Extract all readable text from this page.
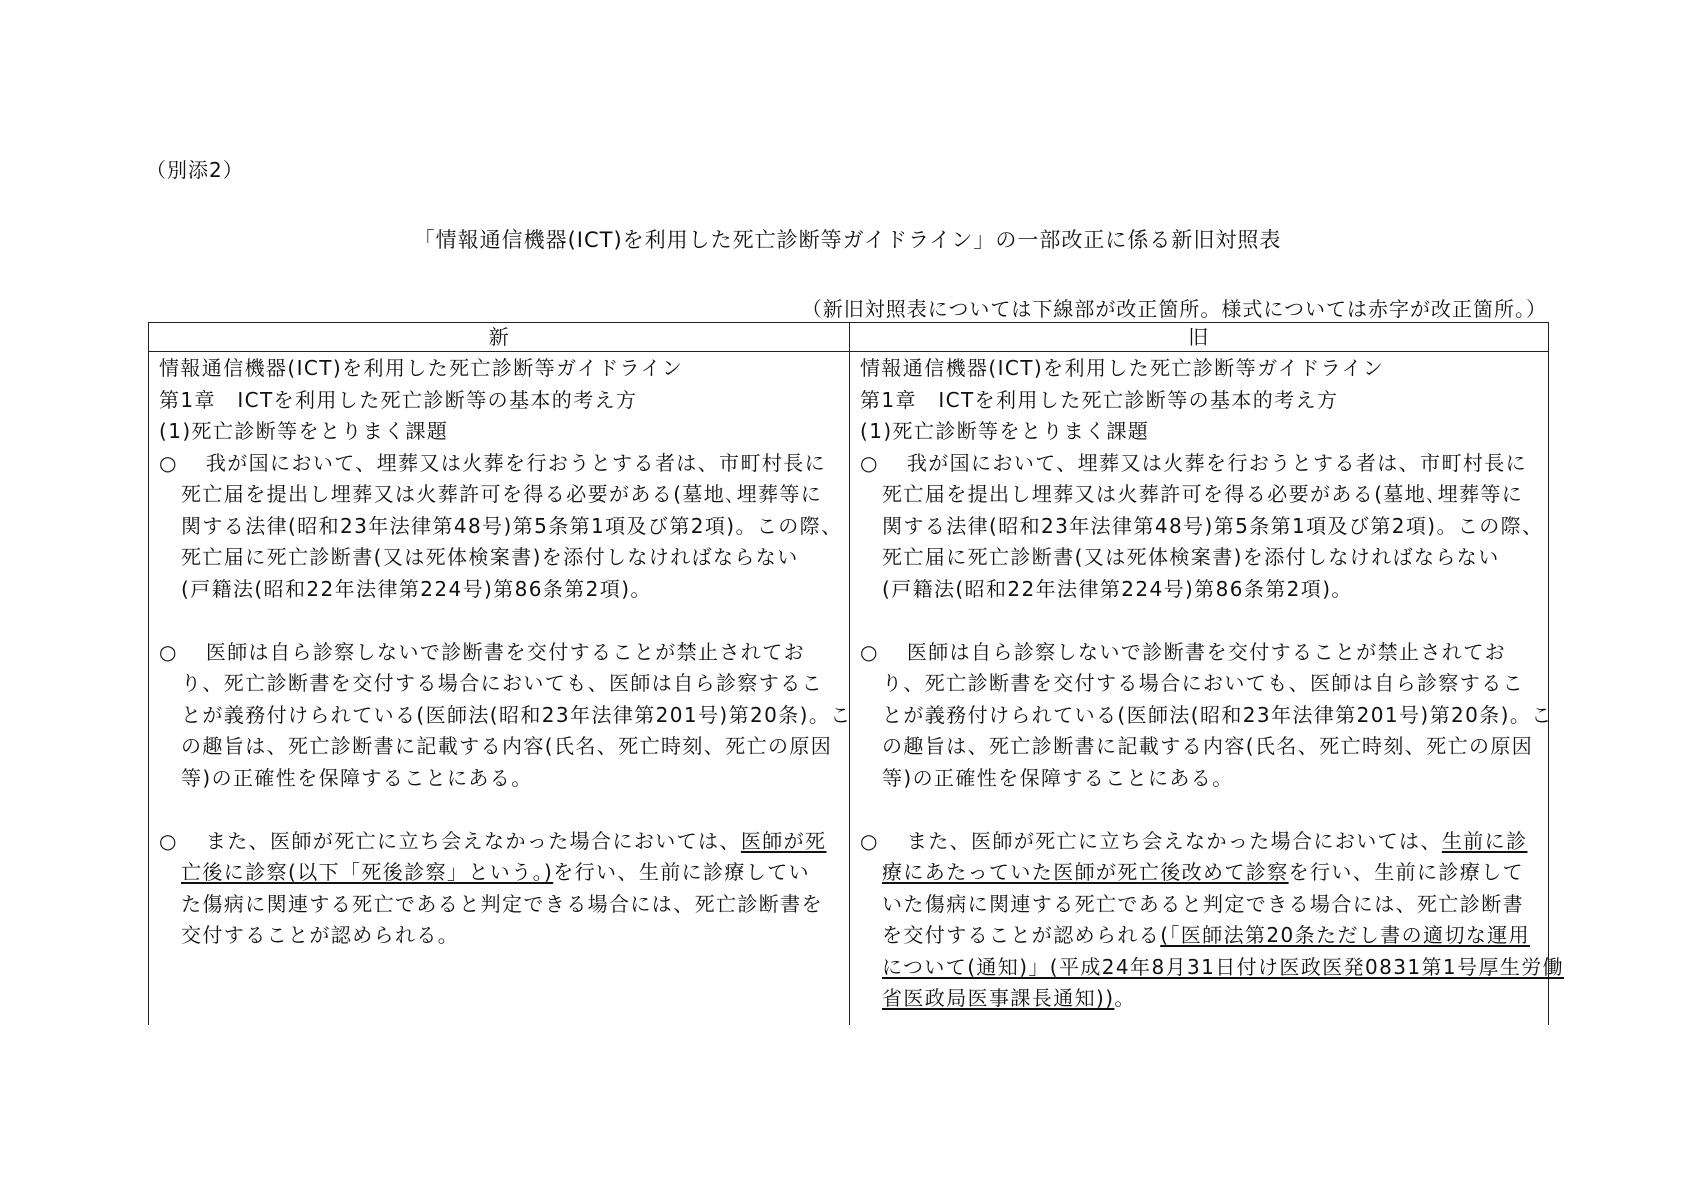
（別添2）
「情報通信機器(ICT)を利用した死亡診断等ガイドライン」の一部改正に係る新旧対照表
（新旧対照表については下線部が改正箇所。様式については赤字が改正箇所。）
新	旧
情報通信機器(ICT)を利用した死亡診断等ガイドライン
第1章　ICTを利用した死亡診断等の基本的考え方
(1)死亡診断等をとりまく課題
○ 我が国において、埋葬又は火葬を行おうとする者は、市町村長に
死亡届を提出し埋葬又は火葬許可を得る必要がある(墓地､埋葬等に
関する法律(昭和23年法律第48号)第5条第1項及び第2項)。この際、
死亡届に死亡診断書(又は死体検案書)を添付しなければならない
(戸籍法(昭和22年法律第224号)第86条第2項)。
○ 医師は自ら診察しないで診断書を交付することが禁止されてお
り、死亡診断書を交付する場合においても、医師は自ら診察するこ
とが義務付けられている(医師法(昭和23年法律第201号)第20条)。こ
の趣旨は、死亡診断書に記載する内容(氏名、死亡時刻、死亡の原因
等)の正確性を保障することにある。
○ また、医師が死亡に立ち会えなかった場合においては、医師が死
亡後に診察(以下「死後診察」という。)を行い、生前に診療してい
た傷病に関連する死亡であると判定できる場合には、死亡診断書を
交付することが認められる。
情報通信機器(ICT)を利用した死亡診断等ガイドライン
第1章　ICTを利用した死亡診断等の基本的考え方
(1)死亡診断等をとりまく課題
○ 我が国において、埋葬又は火葬を行おうとする者は、市町村長に
死亡届を提出し埋葬又は火葬許可を得る必要がある(墓地､埋葬等に
関する法律(昭和23年法律第48号)第5条第1項及び第2項)。この際、
死亡届に死亡診断書(又は死体検案書)を添付しなければならない
(戸籍法(昭和22年法律第224号)第86条第2項)。
○ 医師は自ら診察しないで診断書を交付することが禁止されてお
り、死亡診断書を交付する場合においても、医師は自ら診察するこ
とが義務付けられている(医師法(昭和23年法律第201号)第20条)。こ
の趣旨は、死亡診断書に記載する内容(氏名、死亡時刻、死亡の原因
等)の正確性を保障することにある。
○ また、医師が死亡に立ち会えなかった場合においては、生前に診
療にあたっていた医師が死亡後改めて診察を行い、生前に診療して
いた傷病に関連する死亡であると判定できる場合には、死亡診断書
を交付することが認められる(「医師法第20条ただし書の適切な運用
について(通知)」(平成24年8月31日付け医政医発0831第1号厚生労働
省医政局医事課長通知))。
